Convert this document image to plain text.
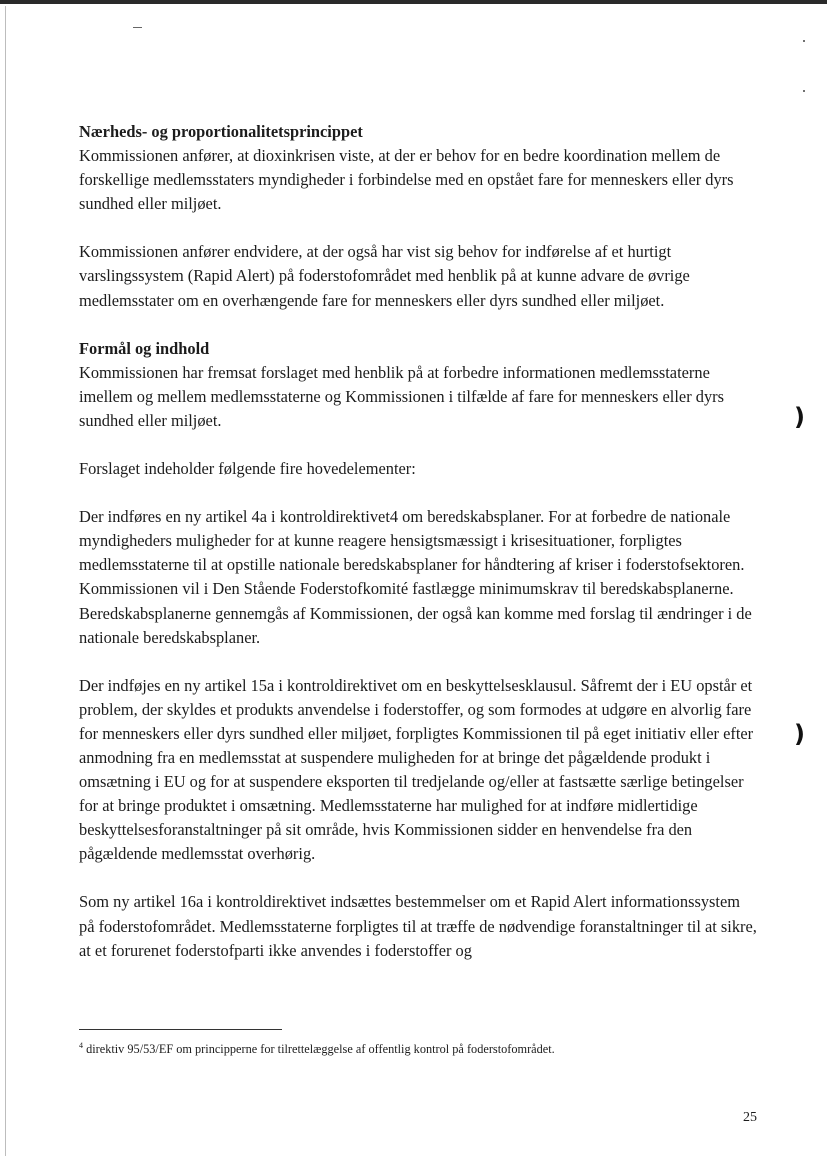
Nærheds- og proportionalitetsprincippet

Kommissionen anfører, at dioxinkrisen viste, at der er behov for en bedre koordination mellem de forskellige medlemsstaters myndigheder i forbindelse med en opstået fare for menneskers eller dyrs sundhed eller miljøet.

Kommissionen anfører endvidere, at der også har vist sig behov for indførelse af et hurtigt varslingssystem (Rapid Alert) på foderstofområdet med henblik på at kunne advare de øvrige medlemsstater om en overhængende fare for menneskers eller dyrs sundhed eller miljøet.

Formål og indhold

Kommissionen har fremsat forslaget med henblik på at forbedre informationen medlemsstaterne imellem og mellem medlemsstaterne og Kommissionen i tilfælde af fare for menneskers eller dyrs sundhed eller miljøet.

Forslaget indeholder følgende fire hovedelementer:

Der indføres en ny artikel 4a i kontroldirektivet4 om beredskabsplaner. For at forbedre de nationale myndigheders muligheder for at kunne reagere hensigtsmæssigt i krisesituationer, forpligtes medlemsstaterne til at opstille nationale beredskabsplaner for håndtering af kriser i foderstofsektoren. Kommissionen vil i Den Stående Foderstofkomité fastlægge minimumskrav til beredskabsplanerne. Beredskabsplanerne gennemgås af Kommissionen, der også kan komme med forslag til ændringer i de nationale beredskabsplaner.

Der indføjes en ny artikel 15a i kontroldirektivet om en beskyttelsesklausul. Såfremt der i EU opstår et problem, der skyldes et produkts anvendelse i foderstoffer, og som formodes at udgøre en alvorlig fare for menneskers eller dyrs sundhed eller miljøet, forpligtes Kommissionen til på eget initiativ eller efter anmodning fra en medlemsstat at suspendere muligheden for at bringe det pågældende produkt i omsætning i EU og for at suspendere eksporten til tredjelande og/eller at fastsætte særlige betingelser for at bringe produktet i omsætning. Medlemsstaterne har mulighed for at indføre midlertidige beskyttelsesforanstaltninger på sit område, hvis Kommissionen sidder en henvendelse fra den pågældende medlemsstat overhørig.

Som ny artikel 16a i kontroldirektivet indsættes bestemmelser om et Rapid Alert informationssystem på foderstofområdet. Medlemsstaterne forpligtes til at træffe de nødvendige foranstaltninger til at sikre, at et forurenet foderstofparti ikke anvendes i foderstoffer og

$^4$ direktiv 95/53/EF om principperne for tilrettelæggelse af offentlig kontrol på foderstofområdet.
25
)
)
